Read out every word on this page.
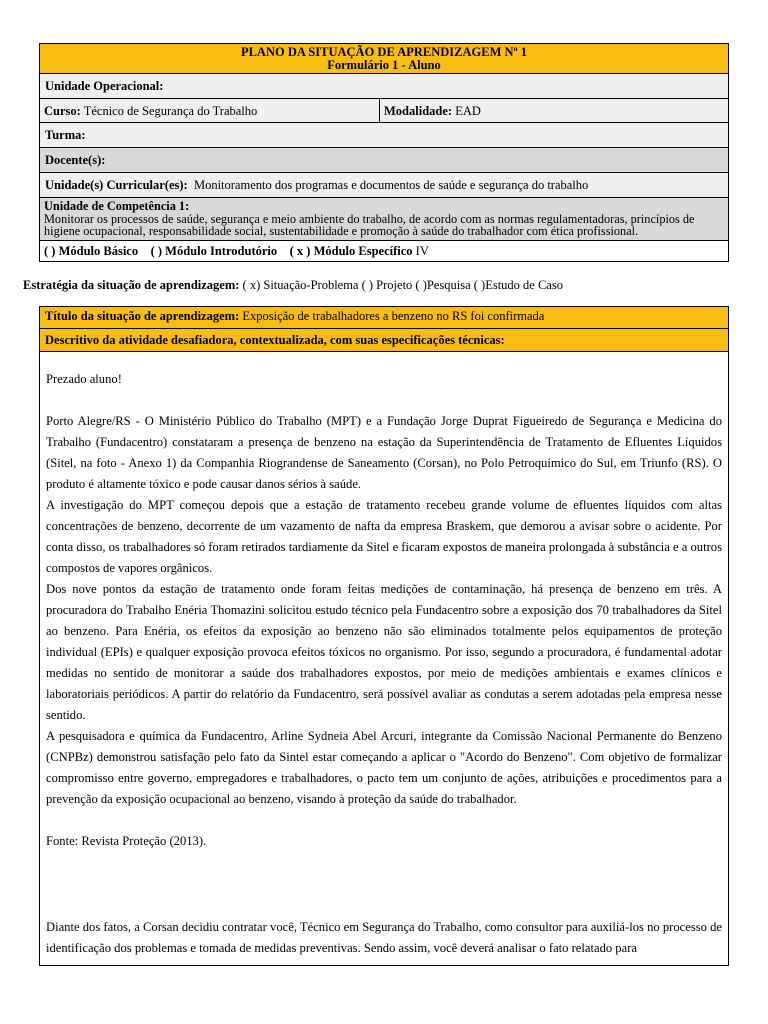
PLANO DA SITUAÇÃO DE APRENDIZAGEM Nº 1
Formulário 1 - Aluno
Unidade Operacional:
Curso: Técnico de Segurança do Trabalho	Modalidade: EAD
Turma:
Docente(s):
Unidade(s) Curricular(es): Monitoramento dos programas e documentos de saúde e segurança do trabalho
Unidade de Competência 1:
Monitorar os processos de saúde, segurança e meio ambiente do trabalho, de acordo com as normas regulamentadoras, princípios de higiene ocupacional, responsabilidade social, sustentabilidade e promoção à saúde do trabalhador com ética profissional.
( ) Módulo Básico ( ) Módulo Introdutório ( x ) Módulo Específico IV
Estratégia da situação de aprendizagem: ( x) Situação-Problema ( ) Projeto ( )Pesquisa ( )Estudo de Caso
Título da situação de aprendizagem: Exposição de trabalhadores a benzeno no RS foi confirmada
Descritivo da atividade desafiadora, contextualizada, com suas especificações técnicas:

Prezado aluno!

Porto Alegre/RS - O Ministério Público do Trabalho (MPT) e a Fundação Jorge Duprat Figueiredo de Segurança e Medicina do Trabalho (Fundacentro) constataram a presença de benzeno na estação da Superintendência de Tratamento de Efluentes Líquidos (Sitel, na foto - Anexo 1) da Companhia Riograndense de Saneamento (Corsan), no Polo Petroquímico do Sul, em Triunfo (RS). O produto é altamente tóxico e pode causar danos sérios à saúde.

A investigação do MPT começou depois que a estação de tratamento recebeu grande volume de efluentes líquidos com altas concentrações de benzeno, decorrente de um vazamento de nafta da empresa Braskem, que demorou a avisar sobre o acidente. Por conta disso, os trabalhadores só foram retirados tardiamente da Sitel e ficaram expostos de maneira prolongada à substância e a outros compostos de vapores orgânicos.

Dos nove pontos da estação de tratamento onde foram feitas medições de contaminação, há presença de benzeno em três. A procuradora do Trabalho Enéria Thomazini solicitou estudo técnico pela Fundacentro sobre a exposição dos 70 trabalhadores da Sitel ao benzeno. Para Enéria, os efeitos da exposição ao benzeno não são eliminados totalmente pelos equipamentos de proteção individual (EPIs) e qualquer exposição provoca efeitos tóxicos no organismo. Por isso, segundo a procuradora, é fundamental adotar medidas no sentido de monitorar a saúde dos trabalhadores expostos, por meio de medições ambientais e exames clínicos e laboratoriais periódicos. A partir do relatório da Fundacentro, será possível avaliar as condutas a serem adotadas pela empresa nesse sentido.

A pesquisadora e química da Fundacentro, Arline Sydneia Abel Arcuri, integrante da Comissão Nacional Permanente do Benzeno (CNPBz) demonstrou satisfação pelo fato da Sintel estar começando a aplicar o "Acordo do Benzeno". Com objetivo de formalizar compromisso entre governo, empregadores e trabalhadores, o pacto tem um conjunto de ações, atribuições e procedimentos para a prevenção da exposição ocupacional ao benzeno, visando à proteção da saúde do trabalhador.

Fonte: Revista Proteção (2013).

Diante dos fatos, a Corsan decidiu contratar você, Técnico em Segurança do Trabalho, como consultor para auxiliá-los no processo de identificação dos problemas e tomada de medidas preventivas. Sendo assim, você deverá analisar o fato relatado para
